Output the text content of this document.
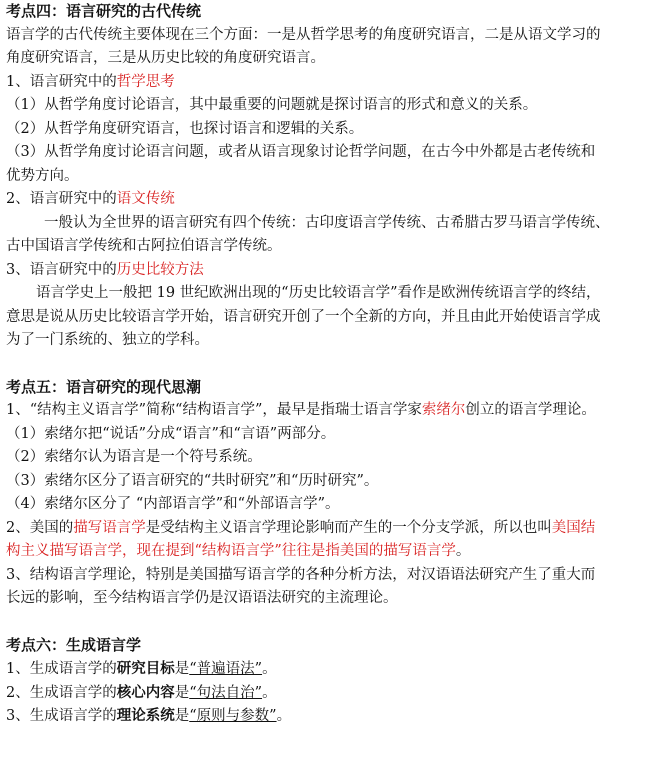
考点四：语言研究的古代传统
语言学的古代传统主要体现在三个方面：一是从哲学思考的角度研究语言，二是从语文学习的
角度研究语言，三是从历史比较的角度研究语言。
1、语言研究中的哲学思考
（1）从哲学角度讨论语言，其中最重要的问题就是探讨语言的形式和意义的关系。
（2）从哲学角度研究语言，也探讨语言和逻辑的关系。
（3）从哲学角度讨论语言问题，或者从语言现象讨论哲学问题，在古今中外都是古老传统和
优势方向。
2、语言研究中的语文传统
一般认为全世界的语言研究有四个传统：古印度语言学传统、古希腊古罗马语言学传统、
古中国语言学传统和古阿拉伯语言学传统。
3、语言研究中的历史比较方法
语言学史上一般把 19 世纪欧洲出现的“历史比较语言学”看作是欧洲传统语言学的终结，
意思是说从历史比较语言学开始，语言研究开创了一个全新的方向，并且由此开始使语言学成
为了一门系统的、独立的学科。
考点五：语言研究的现代思潮
1、“结构主义语言学”简称“结构语言学”，最早是指瑞士语言学家索绪尔创立的语言学理论。
（1）索绪尔把“说话”分成“语言”和“言语”两部分。
（2）索绪尔认为语言是一个符号系统。
（3）索绪尔区分了语言研究的“共时研究”和“历时研究”。
（4）索绪尔区分了 “内部语言学”和“外部语言学”。
2、美国的描写语言学是受结构主义语言学理论影响而产生的一个分支学派，所以也叫美国结
构主义描写语言学，现在提到“结构语言学”往往是指美国的描写语言学。
3、结构语言学理论，特别是美国描写语言学的各种分析方法，对汉语语法研究产生了重大而
长远的影响，至今结构语言学仍是汉语语法研究的主流理论。
考点六：生成语言学
1、生成语言学的研究目标是“普遍语法”。
2、生成语言学的核心内容是“句法自治”。
3、生成语言学的理论系统是“原则与参数”。
